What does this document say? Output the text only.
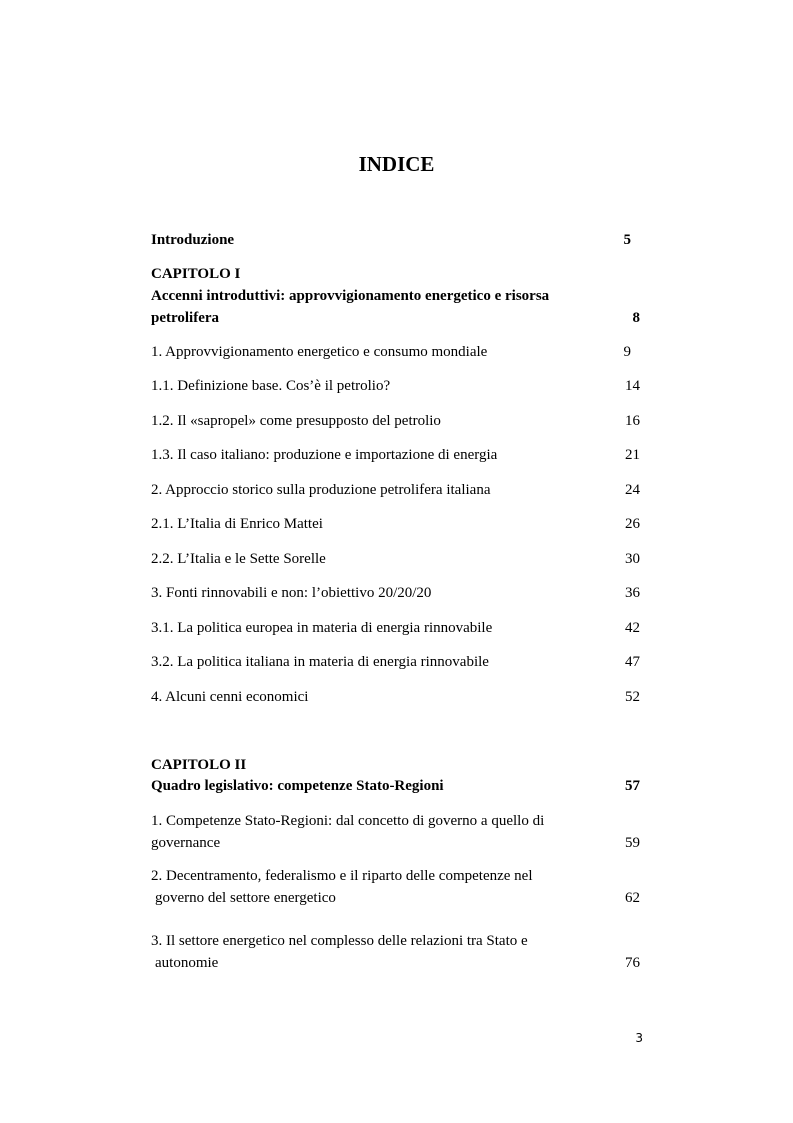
INDICE
Introduzione	5
CAPITOLO I
Accenni introduttivi: approvvigionamento energetico e risorsa
petrolifera	8
1. Approvvigionamento energetico e consumo mondiale	9
1.1. Definizione base. Cos’è il petrolio?	14
1.2. Il «sapropel» come presupposto del petrolio	16
1.3. Il caso italiano: produzione e importazione di energia	21
2. Approccio storico sulla produzione petrolifera italiana	24
2.1. L’Italia di Enrico Mattei	26
2.2. L’Italia e le Sette Sorelle	30
3. Fonti rinnovabili e non: l’obiettivo 20/20/20	36
3.1. La politica europea in materia di energia rinnovabile	42
3.2. La politica italiana in materia di energia rinnovabile	47
4. Alcuni cenni economici	52
CAPITOLO II
Quadro legislativo: competenze Stato-Regioni	57
1. Competenze Stato-Regioni: dal concetto di governo a quello di
governance	59
2. Decentramento, federalismo e il riparto delle competenze nel
governo del settore energetico	62
3. Il settore energetico nel complesso delle relazioni tra Stato e
autonomie	76
3
